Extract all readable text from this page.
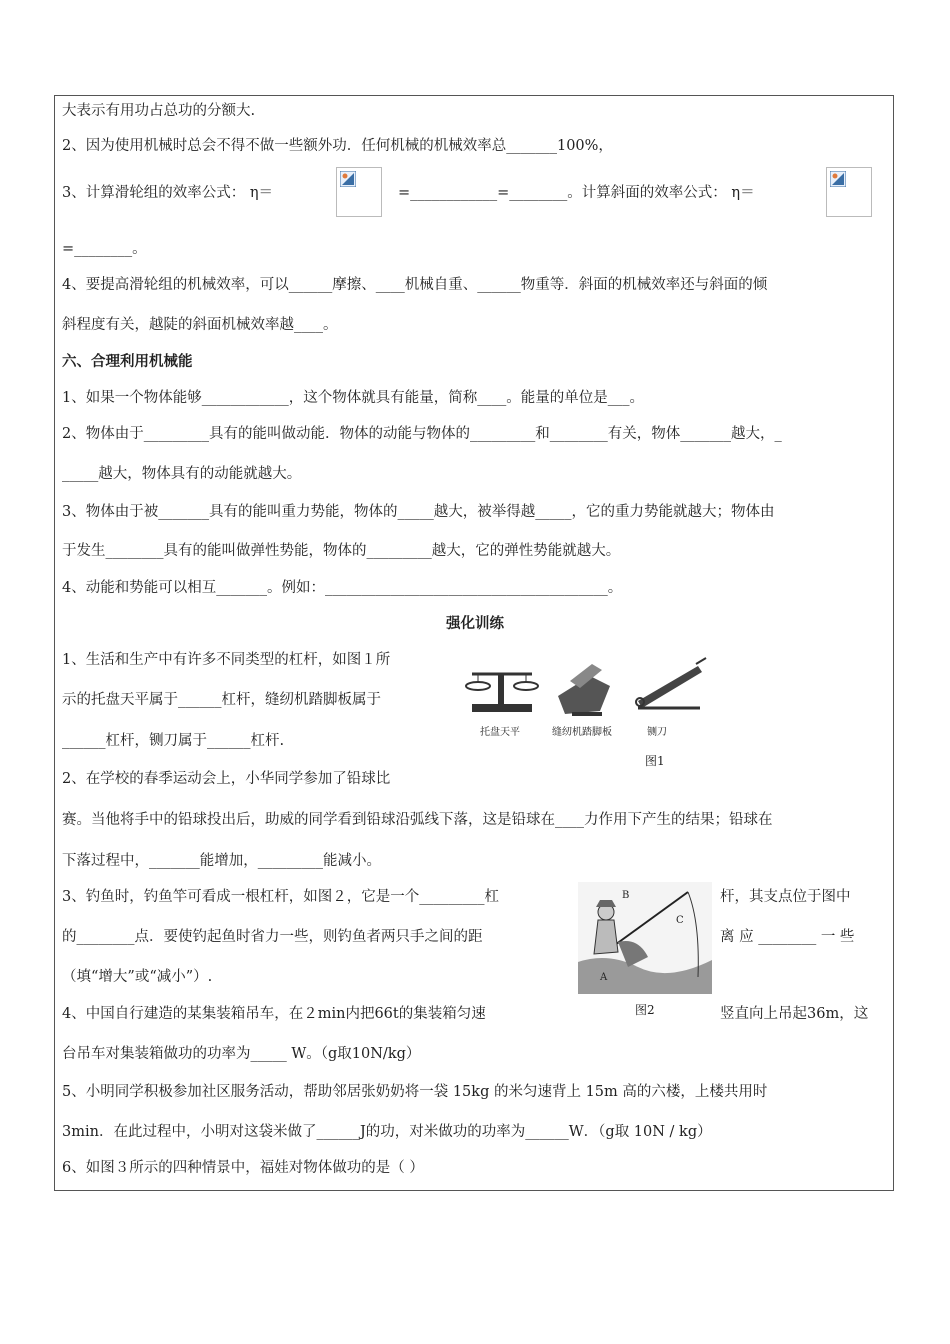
大表示有用功占总功的分额大.
2、因为使用机械时总会不得不做一些额外功．任何机械的机械效率总_______100%，
3、计算滑轮组的效率公式： η＝	=____________=________。计算斜面的效率公式： η＝
=________。
4、要提高滑轮组的机械效率，可以______摩擦、____机械自重、______物重等．斜面的机械效率还与斜面的倾
斜程度有关，越陡的斜面机械效率越____。
六、合理利用机械能
1、如果一个物体能够____________，这个物体就具有能量，简称____。能量的单位是___。
2、物体由于_________具有的能叫做动能．物体的动能与物体的_________和________有关，物体_______越大，_
_____越大，物体具有的动能就越大。
3、物体由于被_______具有的能叫重力势能，物体的_____越大，被举得越_____，它的重力势能就越大；物体由
于发生________具有的能叫做弹性势能，物体的_________越大，它的弹性势能就越大。
4、动能和势能可以相互_______。例如：_______________________________________。
强化训练
1、生活和生产中有许多不同类型的杠杆，如图１所
示的托盘天平属于______杠杆，缝纫机踏脚板属于
______杠杆，铡刀属于______杠杆.
托盘天平	缝纫机踏脚板	铡刀
图1
2、在学校的春季运动会上，小华同学参加了铅球比
赛。当他将手中的铅球投出后，助威的同学看到铅球沿弧线下落，这是铅球在____力作用下产生的结果；铅球在
下落过程中，_______能增加，_________能减小。
3、钓鱼时，钓鱼竿可看成一根杠杆，如图２，它是一个_________杠	杆，其支点位于图中
的________点．要使钓起鱼时省力一些，则钓鱼者两只手之间的距	离 应 ________ 一 些
（填“增大”或“减小”）.
B
C
A
图2
4、中国自行建造的某集装箱吊车，在２min内把66t的集装箱匀速	竖直向上吊起36m，这
台吊车对集装箱做功的功率为_____ W。（g取10N/kg）
5、小明同学积极参加社区服务活动，帮助邻居张奶奶将一袋 15kg 的米匀速背上 15m 高的六楼，上楼共用时
3min．在此过程中，小明对这袋米做了______J的功，对米做功的功率为______W．（g取 10N / kg）
6、如图３所示的四种情景中，福娃对物体做功的是（ ）
